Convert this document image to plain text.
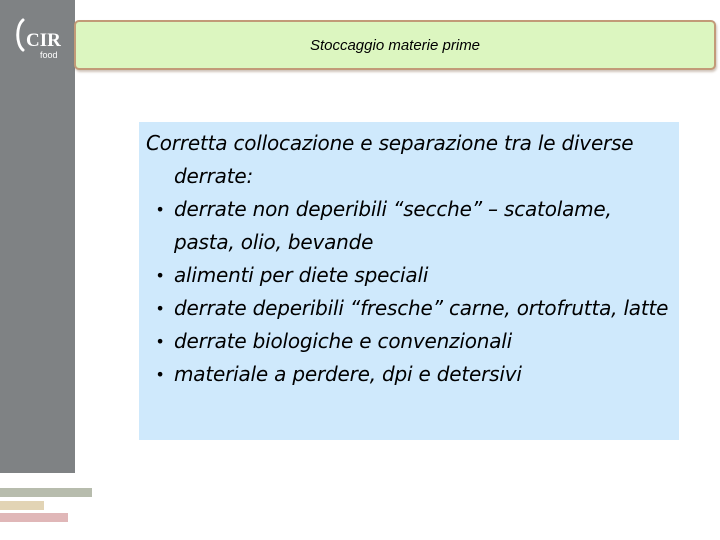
CIR
food
Stoccaggio materie prime

Corretta collocazione e separazione tra le diverse derrate:

• derrate non deperibili “secche” – scatolame, pasta, olio, bevande
• alimenti per diete speciali
• derrate deperibili “fresche” carne, ortofrutta, latte
• derrate biologiche e convenzionali
• materiale a perdere, dpi e detersivi
